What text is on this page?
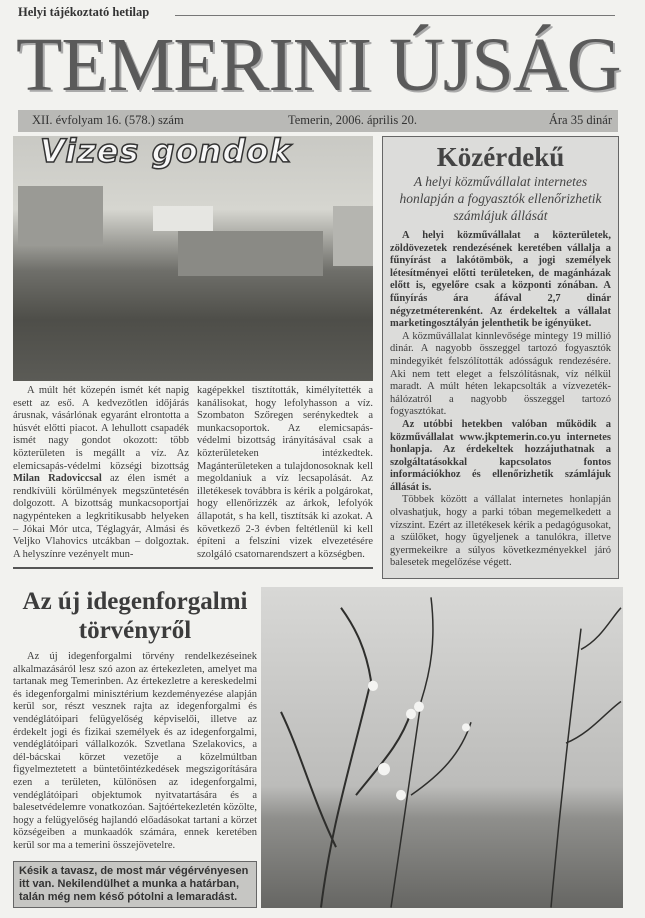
Helyi tájékoztató hetilap
TEMERINI ÚJSÁG
XII. évfolyam 16. (578.) szám	Temerin, 2006. április 20.	Ára 35 dinár
Vizes gondok

A múlt hét közepén ismét két napig esett az eső. A kedvezőtlen időjárás árusnak, vásárlónak egyaránt elrontotta a húsvét előtti piacot. A lehullott csapadék ismét nagy gondot okozott: több közterületen is megállt a víz. Az elemicsapás-védelmi községi bizottság Milan Radoviccsal az élen ismét a rendkívüli körülmények megszüntetésén dolgozott. A bizottság munkacsoportjai nagypénteken a legkritikusabb helyeken – Jókai Mór utca, Téglagyár, Almási és Veljko Vlahovics utcákban – dolgoztak. A helyszínre vezényelt mun-

kagépekkel tisztították, kimélyítették a kanálisokat, hogy lefolyhasson a víz. Szombaton Szőregen serénykedtek a munkacsoportok. Az elemicsapás-védelmi bizottság irányításával csak a közterületeken intézkedtek. Magánterületeken a tulajdonosoknak kell megoldaniuk a víz lecsapolását. Az illetékesek továbbra is kérik a polgárokat, hogy ellenőrizzék az árkok, lefolyók állapotát, s ha kell, tisztítsák ki azokat. A következő 2-3 évben feltétlenül ki kell építeni a felszíni vizek elvezetésére szolgáló csatornarendszert a községben.

Közérdekű
A helyi közművállalat internetes honlapján a fogyasztók ellenőrizhetik számlájuk állását

A helyi közművállalat a közterületek, zöldövezetek rendezésének keretében vállalja a fűnyírást a lakótömbök, a jogi személyek létesítményei előtti területeken, de magánházak előtt is, egyelőre csak a központi zónában. A fűnyírás ára áfával 2,7 dinár négyzetméterenként. Az érdekeltek a vállalat marketingosztályán jelenthetik be igényüket.

A közművállalat kinnlevősége mintegy 19 millió dinár. A nagyobb összeggel tartozó fogyasztók mindegyikét felszólították adósságuk rendezésére. Aki nem tett eleget a felszólításnak, víz nélkül maradt. A múlt héten lekapcsolták a vízvezeték-hálózatról a nagyobb összeggel tartozó fogyasztókat.

Az utóbbi hetekben valóban működik a közművállalat www.jkptemerin.co.yu internetes honlapja. Az érdekeltek hozzájuthatnak a szolgáltatásokkal kapcsolatos fontos információkhoz és ellenőrizhetik számlájuk állását is.

Többek között a vállalat internetes honlapján olvashatjuk, hogy a parki tóban megemelkedett a vízszint. Ezért az illetékesek kérik a pedagógusokat, a szülőket, hogy ügyeljenek a tanulókra, illetve gyermekeikre a súlyos következményekkel járó balesetek megelőzése végett.

Az új idegenforgalmi törvényről

Az új idegenforgalmi törvény rendelkezéseinek alkalmazásáról lesz szó azon az értekezleten, amelyet ma tartanak meg Temerinben. Az értekezletre a kereskedelmi és idegenforgalmi minisztérium kezdeményezése alapján kerül sor, részt vesznek rajta az idegenforgalmi és vendéglátóipari felügyelőség képviselői, illetve az érdekelt jogi és fizikai személyek és az idegenforgalmi, vendéglátóipari vállalkozók. Szvetlana Szelakovics, a dél-bácskai körzet vezetője a közelmúltban figyelmeztetett a büntetőintézkedések megszigorítására ezen a területen, különösen az idegenforgalmi, vendéglátóipari objektumok nyitvatartására és a balesetvédelemre vonatkozóan. Sajtóértekezletén közölte, hogy a felügyelőség hajlandó előadásokat tartani a körzet községeiben a munkaadók számára, ennek keretében kerül sor ma a temerini összejövetelre.

Késik a tavasz, de most már végérvényesen itt van. Nekilendülhet a munka a határban, talán még nem késő pótolni a lemaradást.
